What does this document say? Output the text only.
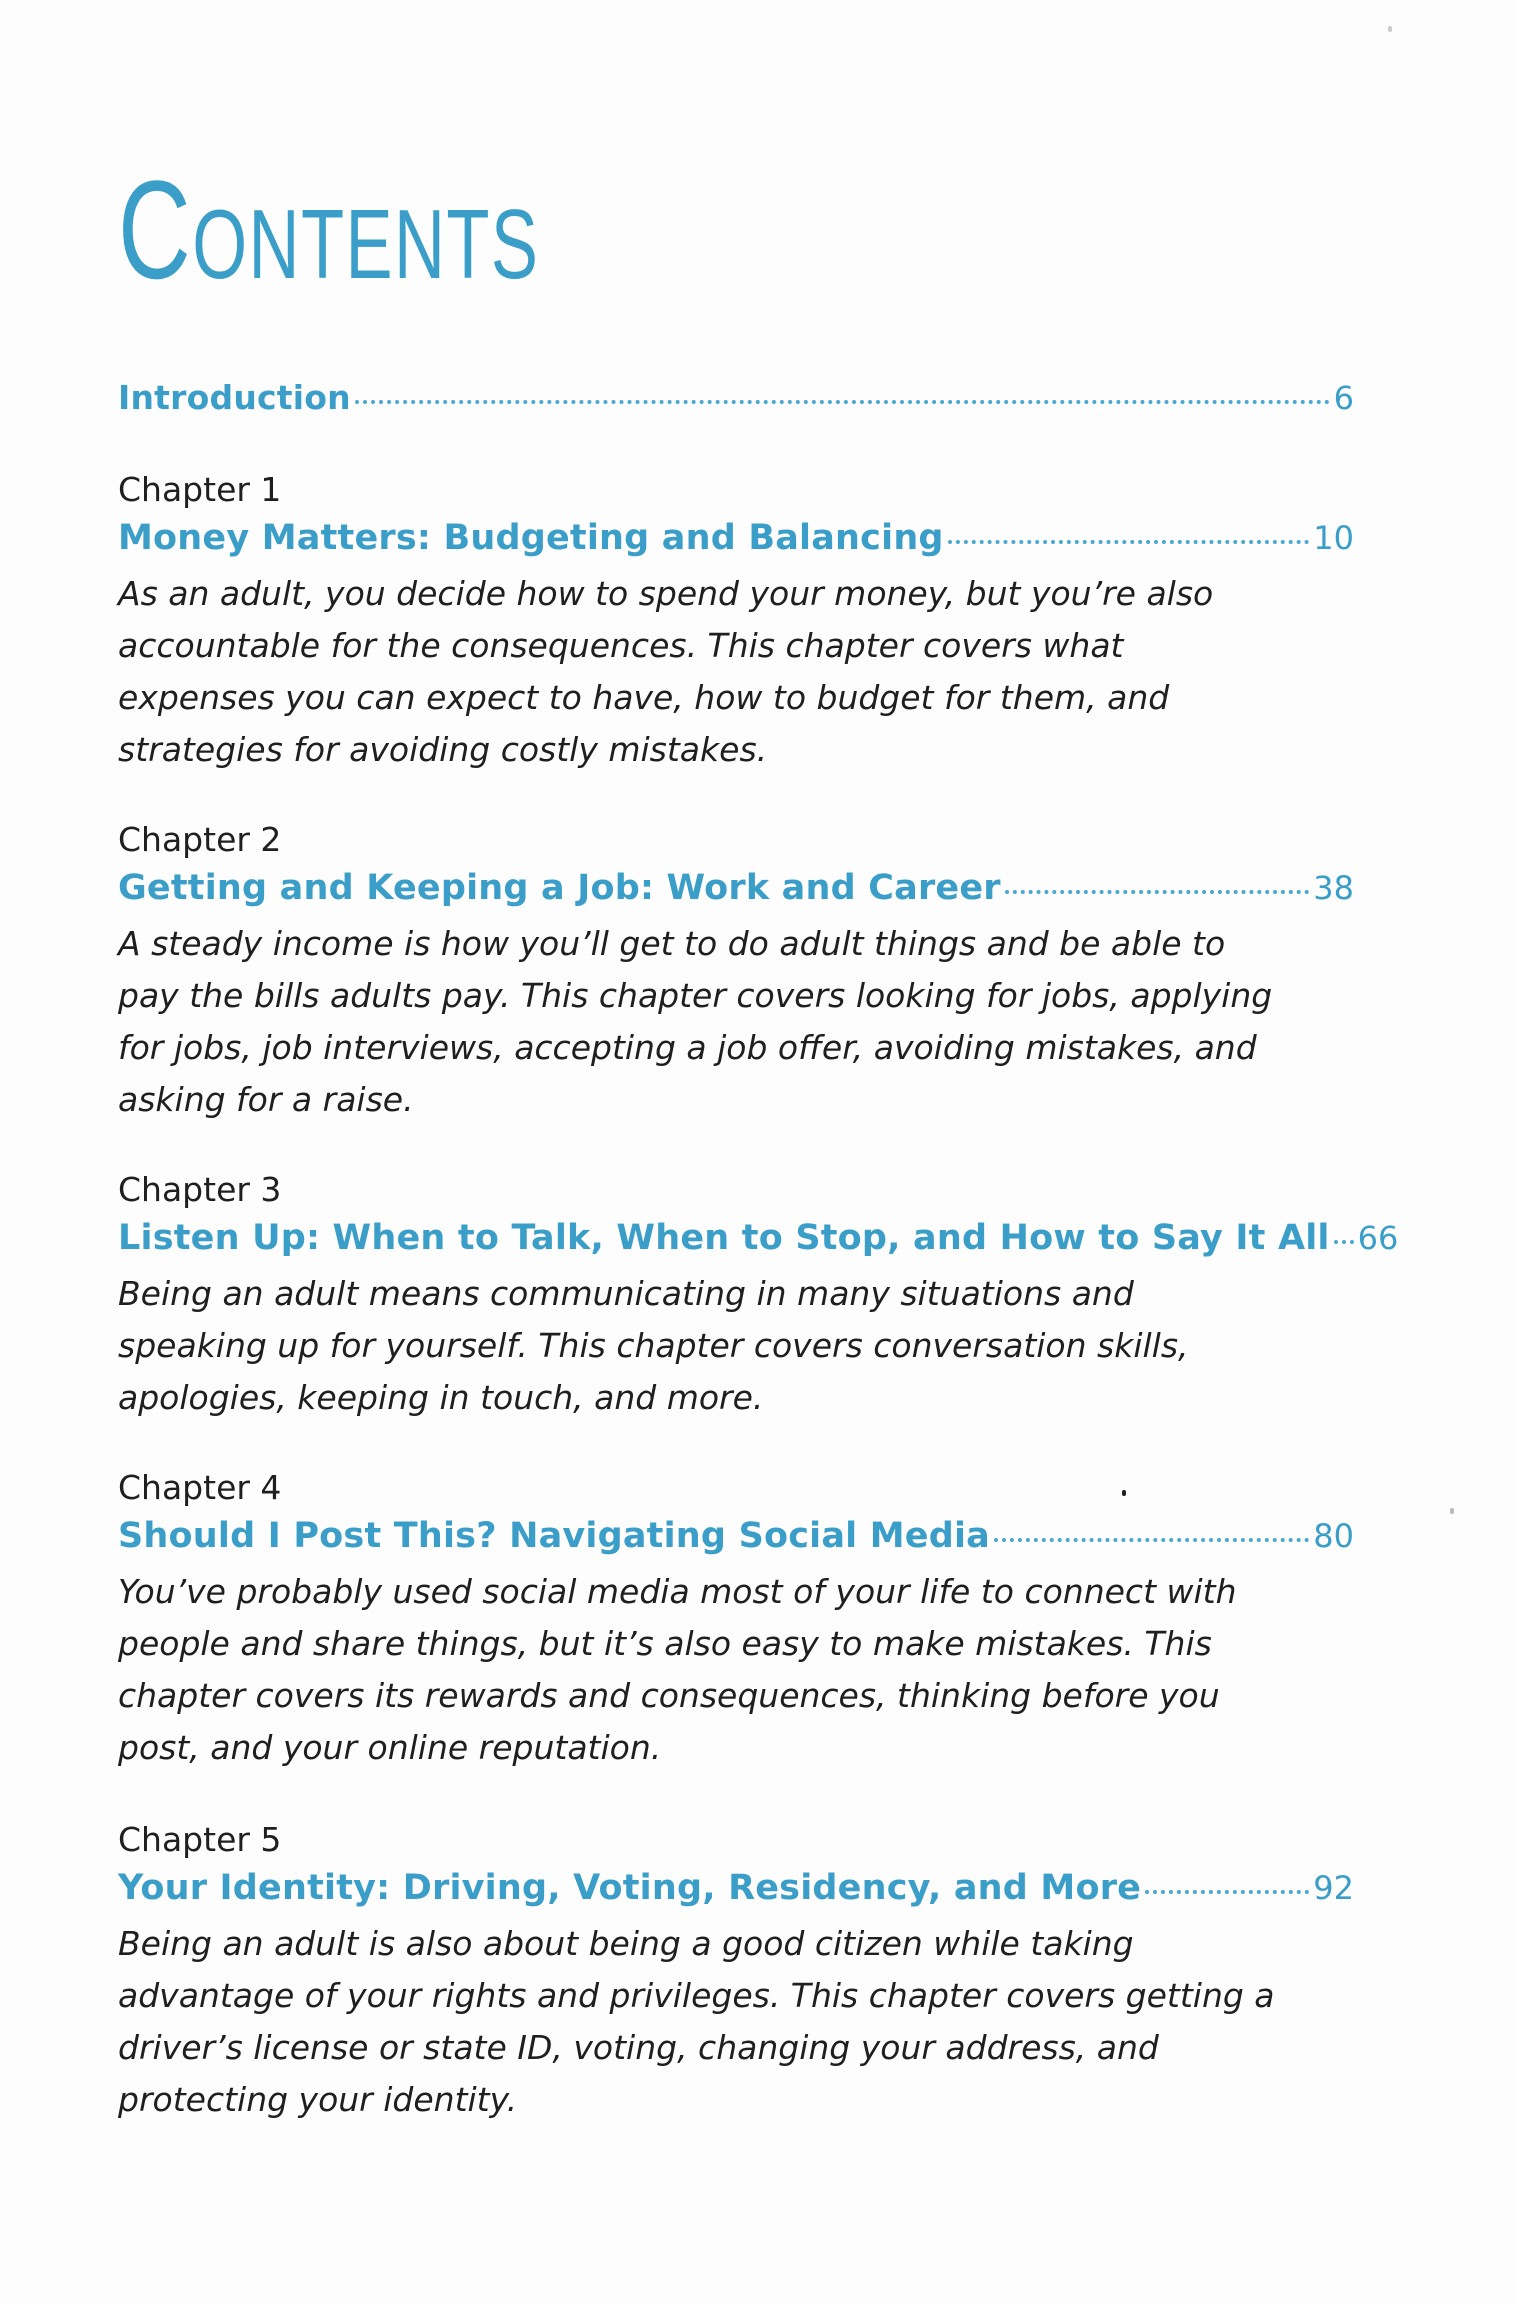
Contents
Introduction	6
Chapter 1
Money Matters: Budgeting and Balancing	10

As an adult, you decide how to spend your money, but you’re also accountable for the consequences. This chapter covers what expenses you can expect to have, how to budget for them, and strategies for avoiding costly mistakes.

Chapter 2
Getting and Keeping a Job: Work and Career	38

A steady income is how you’ll get to do adult things and be able to pay the bills adults pay. This chapter covers looking for jobs, applying for jobs, job interviews, accepting a job offer, avoiding mistakes, and asking for a raise.

Chapter 3
Listen Up: When to Talk, When to Stop, and How to Say It All 66

Being an adult means communicating in many situations and speaking up for yourself. This chapter covers conversation skills, apologies, keeping in touch, and more.

Chapter 4
Should I Post This? Navigating Social Media	80

You’ve probably used social media most of your life to connect with people and share things, but it’s also easy to make mistakes. This chapter covers its rewards and consequences, thinking before you post, and your online reputation.

Chapter 5
Your Identity: Driving, Voting, Residency, and More	92

Being an adult is also about being a good citizen while taking advantage of your rights and privileges. This chapter covers getting a driver’s license or state ID, voting, changing your address, and protecting your identity.
